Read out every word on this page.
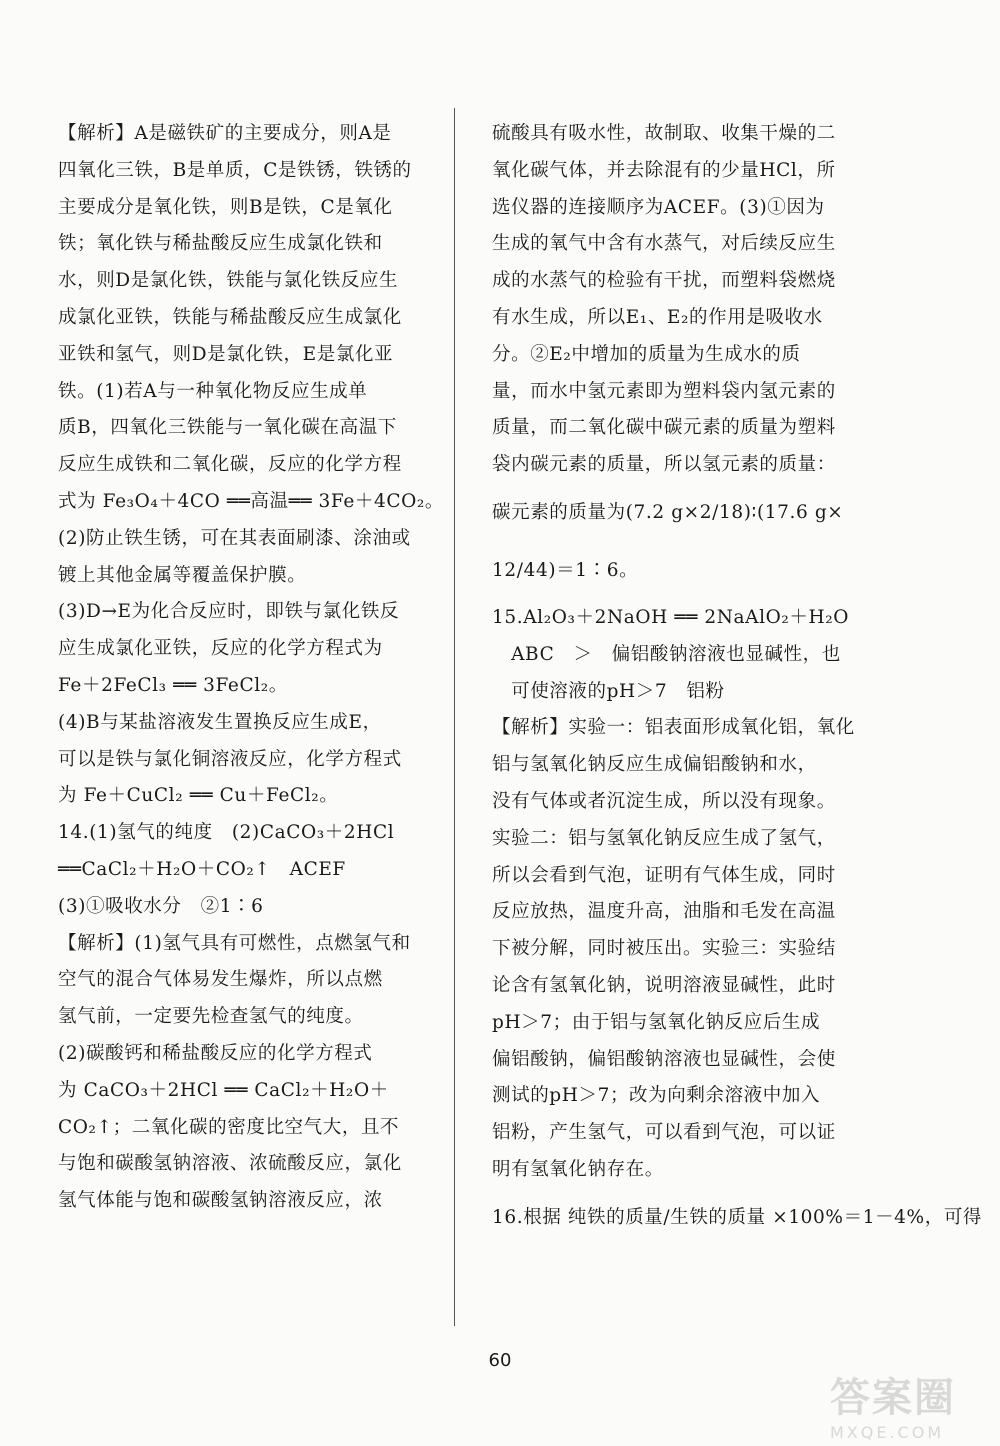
【解析】A是磁铁矿的主要成分，则A是
四氧化三铁，B是单质，C是铁锈，铁锈的
主要成分是氧化铁，则B是铁，C是氧化
铁；氧化铁与稀盐酸反应生成氯化铁和
水，则D是氯化铁，铁能与氯化铁反应生
成氯化亚铁，铁能与稀盐酸反应生成氯化
亚铁和氢气，则D是氯化铁，E是氯化亚
铁。(1)若A与一种氧化物反应生成单
质B，四氧化三铁能与一氧化碳在高温下
反应生成铁和二氧化碳，反应的化学方程
式为 Fe₃O₄＋4CO ══高温══ 3Fe＋4CO₂。
(2)防止铁生锈，可在其表面刷漆、涂油或
镀上其他金属等覆盖保护膜。
(3)D→E为化合反应时，即铁与氯化铁反
应生成氯化亚铁，反应的化学方程式为
Fe＋2FeCl₃ ══ 3FeCl₂。
(4)B与某盐溶液发生置换反应生成E，
可以是铁与氯化铜溶液反应，化学方程式
为 Fe＋CuCl₂ ══ Cu＋FeCl₂。
14.(1)氢气的纯度　(2)CaCO₃＋2HCl
══CaCl₂＋H₂O＋CO₂↑　ACEF
(3)①吸收水分　②1∶6
【解析】(1)氢气具有可燃性，点燃氢气和
空气的混合气体易发生爆炸，所以点燃
氢气前，一定要先检查氢气的纯度。
(2)碳酸钙和稀盐酸反应的化学方程式
为 CaCO₃＋2HCl ══ CaCl₂＋H₂O＋
CO₂↑；二氧化碳的密度比空气大，且不
与饱和碳酸氢钠溶液、浓硫酸反应，氯化
氢气体能与饱和碳酸氢钠溶液反应，浓
硫酸具有吸水性，故制取、收集干燥的二
氧化碳气体，并去除混有的少量HCl，所
选仪器的连接顺序为ACEF。(3)①因为
生成的氧气中含有水蒸气，对后续反应生
成的水蒸气的检验有干扰，而塑料袋燃烧
有水生成，所以E₁、E₂的作用是吸收水
分。②E₂中增加的质量为生成水的质
量，而水中氢元素即为塑料袋内氢元素的
质量，而二氧化碳中碳元素的质量为塑料
袋内碳元素的质量，所以氢元素的质量：
碳元素的质量为(7.2 g×2/18)∶(17.6 g×
12/44)＝1∶6。
15.Al₂O₃＋2NaOH ══ 2NaAlO₂＋H₂O
　ABC　＞　偏铝酸钠溶液也显碱性，也
　可使溶液的pH＞7　铝粉
【解析】实验一：铝表面形成氧化铝，氧化
铝与氢氧化钠反应生成偏铝酸钠和水，
没有气体或者沉淀生成，所以没有现象。
实验二：铝与氢氧化钠反应生成了氢气，
所以会看到气泡，证明有气体生成，同时
反应放热，温度升高，油脂和毛发在高温
下被分解，同时被压出。实验三：实验结
论含有氢氧化钠，说明溶液显碱性，此时
pH＞7；由于铝与氢氧化钠反应后生成
偏铝酸钠，偏铝酸钠溶液也显碱性，会使
测试的pH＞7；改为向剩余溶液中加入
铝粉，产生氢气，可以看到气泡，可以证
明有氢氧化钠存在。
16.根据 纯铁的质量/生铁的质量 ×100%＝1－4%，可得
60
答案圈
MXQE.COM
